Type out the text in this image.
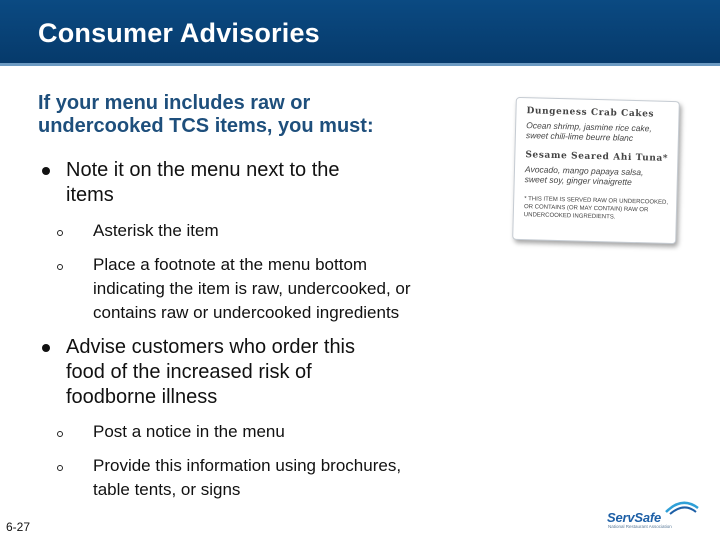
Consumer Advisories
If your menu includes raw or undercooked TCS items, you must:
Note it on the menu next to the items
Asterisk the item
Place a footnote at the menu bottom indicating the item is raw, undercooked, or contains raw or undercooked ingredients
Advise customers who order this food of the increased risk of foodborne illness
Post a notice in the menu
Provide this information using brochures, table tents, or signs
Dungeness Crab Cakes
Ocean shrimp, jasmine rice cake,
sweet chili-lime beurre blanc
Sesame Seared Ahi Tuna*
Avocado, mango papaya salsa,
sweet soy, ginger vinaigrette
* THIS ITEM IS SERVED RAW OR UNDERCOOKED,
OR CONTAINS (OR MAY CONTAIN) RAW OR
UNDERCOOKED INGREDIENTS.
6-27
ServSafe
National Restaurant Association
